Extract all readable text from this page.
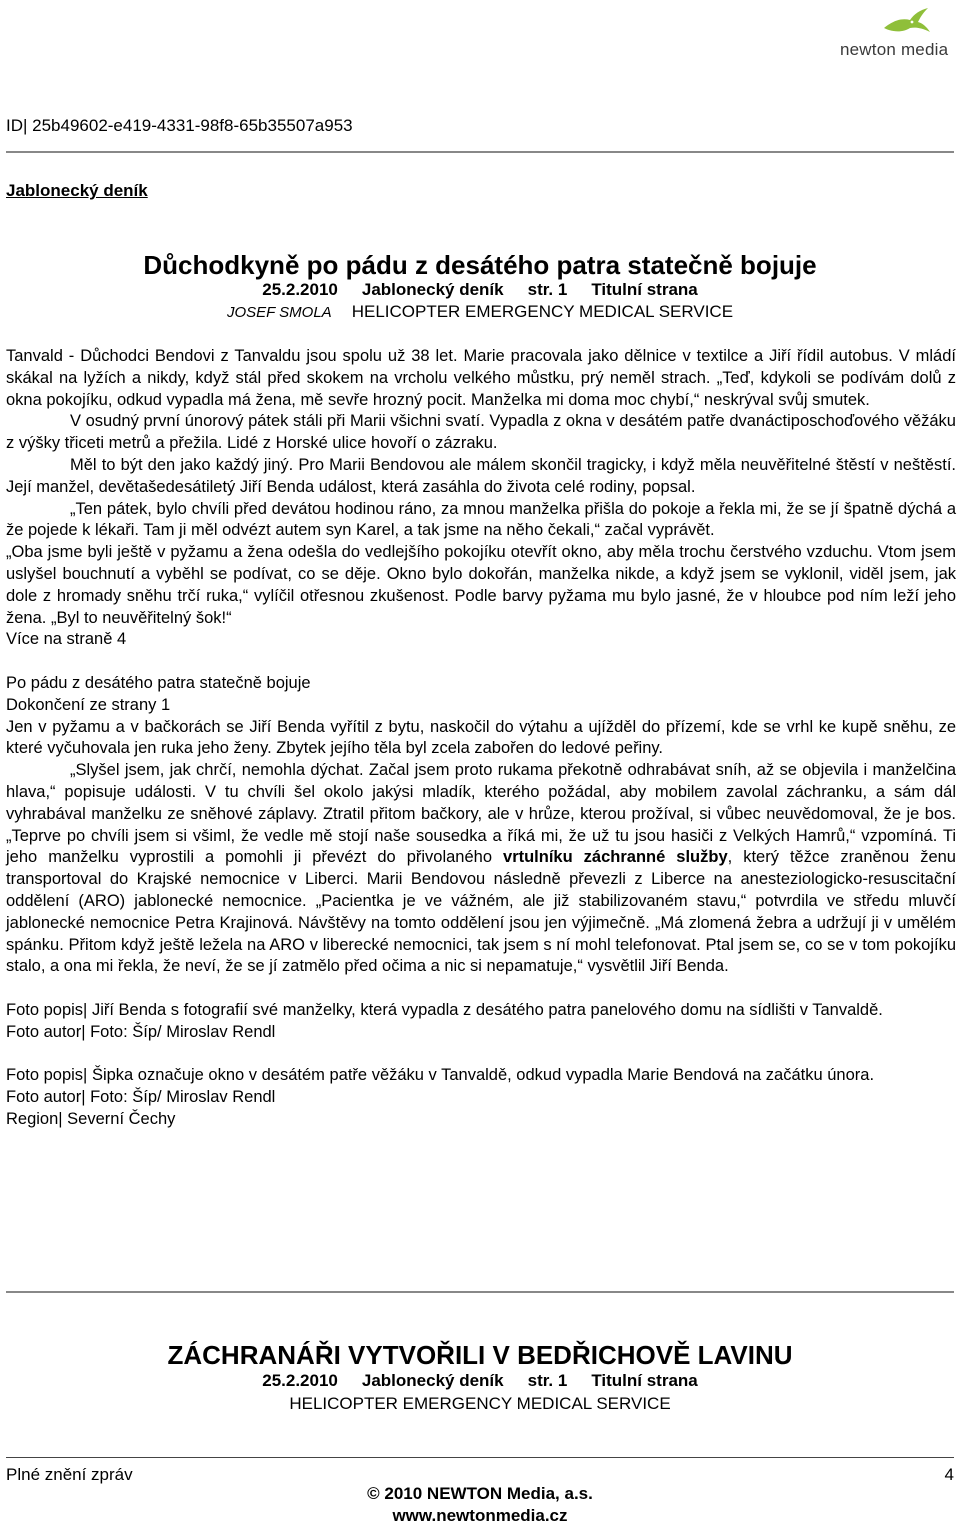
newton media
ID| 25b49602-e419-4331-98f8-65b35507a953
Jablonecký deník
Důchodkyně po pádu z desátého patra statečně bojuje
25.2.2010 Jablonecký deník str. 1 Titulní strana
JOSEF SMOLA HELICOPTER EMERGENCY MEDICAL SERVICE

Tanvald - Důchodci Bendovi z Tanvaldu jsou spolu už 38 let. Marie pracovala jako dělnice v textilce a Jiří řídil autobus. V mládí skákal na lyžích a nikdy, když stál před skokem na vrcholu velkého můstku, prý neměl strach. „Teď, kdykoli se podívám dolů z okna pokojíku, odkud vypadla má žena, mě sevře hrozný pocit. Manželka mi doma moc chybí,“ neskrýval svůj smutek.

V osudný první únorový pátek stáli při Marii všichni svatí. Vypadla z okna v desátém patře dvanáctiposchoďového věžáku z výšky třiceti metrů a přežila. Lidé z Horské ulice hovoří o zázraku.

Měl to být den jako každý jiný. Pro Marii Bendovou ale málem skončil tragicky, i když měla neuvěřitelné štěstí v neštěstí. Její manžel, devětašedesátiletý Jiří Benda událost, která zasáhla do života celé rodiny, popsal.

„Ten pátek, bylo chvíli před devátou hodinou ráno, za mnou manželka přišla do pokoje a řekla mi, že se jí špatně dýchá a že pojede k lékaři. Tam ji měl odvézt autem syn Karel, a tak jsme na něho čekali,“ začal vyprávět.

„Oba jsme byli ještě v pyžamu a žena odešla do vedlejšího pokojíku otevřít okno, aby měla trochu čerstvého vzduchu. Vtom jsem uslyšel bouchnutí a vyběhl se podívat, co se děje. Okno bylo dokořán, manželka nikde, a když jsem se vyklonil, viděl jsem, jak dole z hromady sněhu trčí ruka,“ vylíčil otřesnou zkušenost. Podle barvy pyžama mu bylo jasné, že v hloubce pod ním leží jeho žena. „Byl to neuvěřitelný šok!“

Více na straně 4

Po pádu z desátého patra statečně bojuje

Dokončení ze strany 1

Jen v pyžamu a v bačkorách se Jiří Benda vyřítil z bytu, naskočil do výtahu a ujížděl do přízemí, kde se vrhl ke kupě sněhu, ze které vyčuhovala jen ruka jeho ženy. Zbytek jejího těla byl zcela zabořen do ledové peřiny.

„Slyšel jsem, jak chrčí, nemohla dýchat. Začal jsem proto rukama překotně odhrabávat sníh, až se objevila i manželčina hlava,“ popisuje události. V tu chvíli šel okolo jakýsi mladík, kterého požádal, aby mobilem zavolal záchranku, a sám dál vyhrabával manželku ze sněhové záplavy. Ztratil přitom bačkory, ale v hrůze, kterou prožíval, si vůbec neuvědomoval, že je bos. „Teprve po chvíli jsem si všiml, že vedle mě stojí naše sousedka a říká mi, že už tu jsou hasiči z Velkých Hamrů,“ vzpomíná. Ti jeho manželku vyprostili a pomohli ji převézt do přivolaného vrtulníku záchranné služby, který těžce zraněnou ženu transportoval do Krajské nemocnice v Liberci. Marii Bendovou následně převezli z Liberce na anesteziologicko-resuscitační oddělení (ARO) jablonecké nemocnice. „Pacientka je ve vážném, ale již stabilizovaném stavu,“ potvrdila ve středu mluvčí jablonecké nemocnice Petra Krajinová. Návštěvy na tomto oddělení jsou jen výjimečně. „Má zlomená žebra a udržují ji v umělém spánku. Přitom když ještě ležela na ARO v liberecké nemocnici, tak jsem s ní mohl telefonovat. Ptal jsem se, co se v tom pokojíku stalo, a ona mi řekla, že neví, že se jí zatmělo před očima a nic si nepamatuje,“ vysvětlil Jiří Benda.

Foto popis| Jiří Benda s fotografií své manželky, která vypadla z desátého patra panelového domu na sídlišti v Tanvaldě.

Foto autor| Foto: Šíp/ Miroslav Rendl

Foto popis| Šipka označuje okno v desátém patře věžáku v Tanvaldě, odkud vypadla Marie Bendová na začátku února.

Foto autor| Foto: Šíp/ Miroslav Rendl

Region| Severní Čechy

ZÁCHRANÁŘI VYTVOŘILI V BEDŘICHOVĚ LAVINU
25.2.2010 Jablonecký deník str. 1 Titulní strana
HELICOPTER EMERGENCY MEDICAL SERVICE
Plné znění zpráv	4
© 2010 NEWTON Media, a.s.
www.newtonmedia.cz
